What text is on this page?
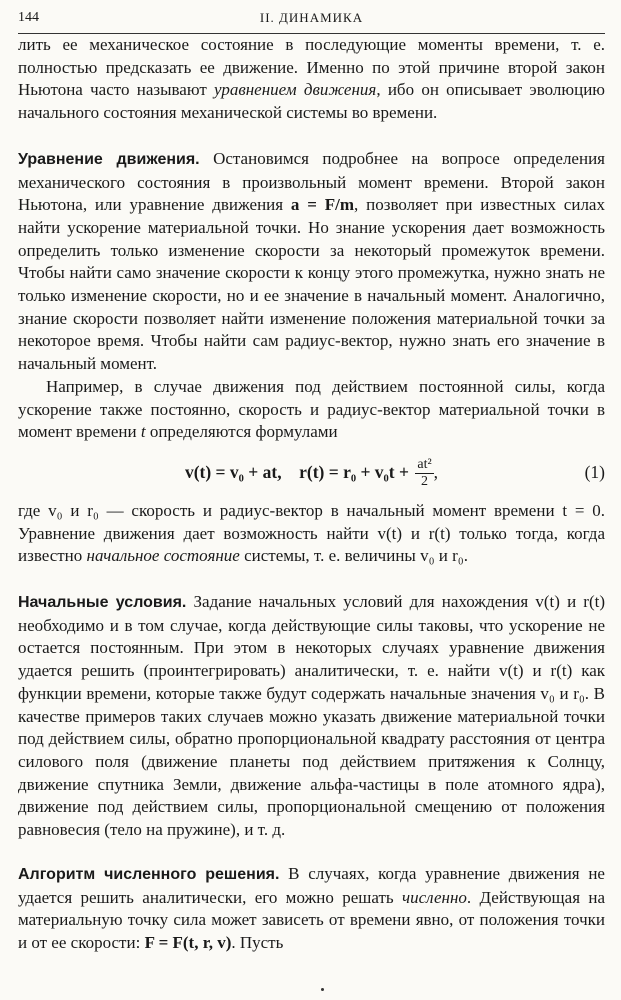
144	II. ДИНАМИКА

лить ее механическое состояние в последующие моменты времени, т. е. полностью предсказать ее движение. Именно по этой причине второй закон Ньютона часто называют уравнением движения, ибо он описывает эволюцию начального состояния механической системы во времени.

Уравнение движения. Остановимся подробнее на вопросе определения механического состояния в произвольный момент времени. Второй закон Ньютона, или уравнение движения a = F/m, позволяет при известных силах найти ускорение материальной точки. Но знание ускорения дает возможность определить только изменение скорости за некоторый промежуток времени. Чтобы найти само значение скорости к концу этого промежутка, нужно знать не только изменение скорости, но и ее значение в начальный момент. Аналогично, знание скорости позволяет найти изменение положения материальной точки за некоторое время. Чтобы найти сам радиус-вектор, нужно знать его значение в начальный момент.

Например, в случае движения под действием постоянной силы, когда ускорение также постоянно, скорость и радиус-вектор материальной точки в момент времени t определяются формулами

v(t) = v₀ + at, $r(t) = r_0 + v_0t + \frac{\text{at²}}{2}$ ,	(1)

где v₀ и r₀ — скорость и радиус-вектор в начальный момент времени t = 0. Уравнение движения дает возможность найти v(t) и r(t) только тогда, когда известно начальное состояние системы, т. е. величины v₀ и r₀.

Начальные условия. Задание начальных условий для нахождения v(t) и r(t) необходимо и в том случае, когда действующие силы таковы, что ускорение не остается постоянным. При этом в некоторых случаях уравнение движения удается решить (проинтегрировать) аналитически, т. е. найти v(t) и r(t) как функции времени, которые также будут содержать начальные значения v₀ и r₀. В качестве примеров таких случаев можно указать движение материальной точки под действием силы, обратно пропорциональной квадрату расстояния от центра силового поля (движение планеты под действием притяжения к Солнцу, движение спутника Земли, движение альфа-частицы в поле атомного ядра), движение под действием силы, пропорциональной смещению от положения равновесия (тело на пружине), и т. д.

Алгоритм численного решения. В случаях, когда уравнение движения не удается решить аналитически, его можно решать численно. Действующая на материальную точку сила может зависеть от времени явно, от положения точки и от ее скорости: F = F(t, r, v). Пусть
